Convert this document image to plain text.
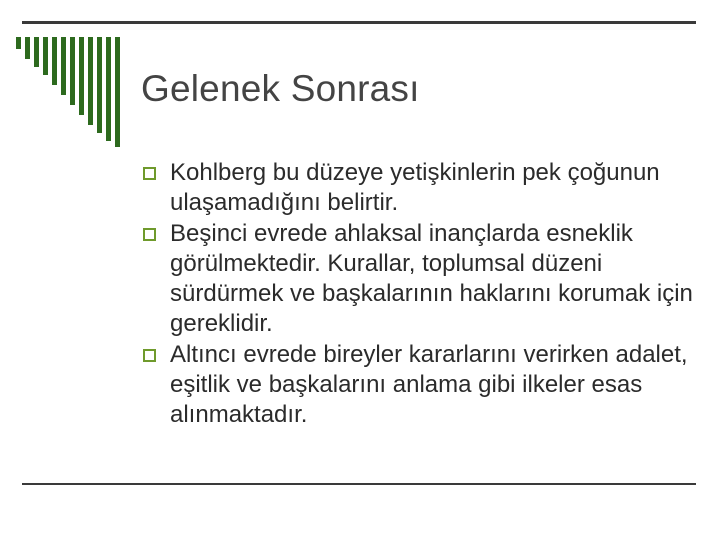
Gelenek Sonrası
Kohlberg bu düzeye yetişkinlerin pek çoğunun ulaşamadığını belirtir.
Beşinci evrede ahlaksal inançlarda esneklik görülmektedir. Kurallar, toplumsal düzeni sürdürmek ve başkalarının haklarını korumak için gereklidir.
Altıncı evrede bireyler kararlarını verirken adalet, eşitlik ve başkalarını anlama gibi ilkeler esas alınmaktadır.
